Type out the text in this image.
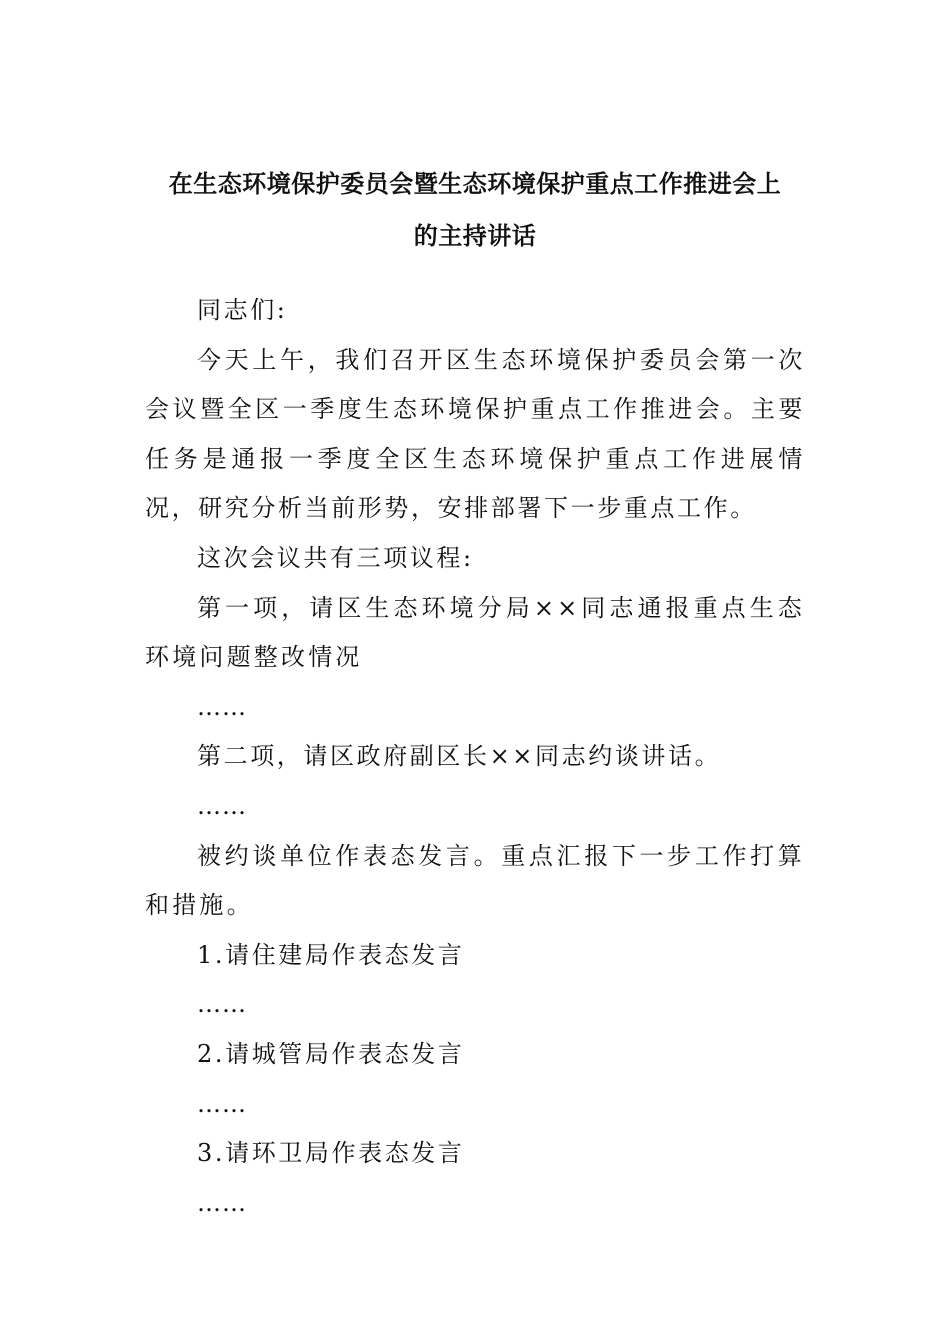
在生态环境保护委员会暨生态环境保护重点工作推进会上
的主持讲话

同志们:

今天上午，我们召开区生态环境保护委员会第一次会议暨全区一季度生态环境保护重点工作推进会。主要任务是通报一季度全区生态环境保护重点工作进展情况，研究分析当前形势，安排部署下一步重点工作。

这次会议共有三项议程:

第一项，请区生态环境分局××同志通报重点生态环境问题整改情况

……

第二项，请区政府副区长××同志约谈讲话。

……

被约谈单位作表态发言。重点汇报下一步工作打算和措施。

1.请住建局作表态发言

……

2.请城管局作表态发言

……

3.请环卫局作表态发言

……
